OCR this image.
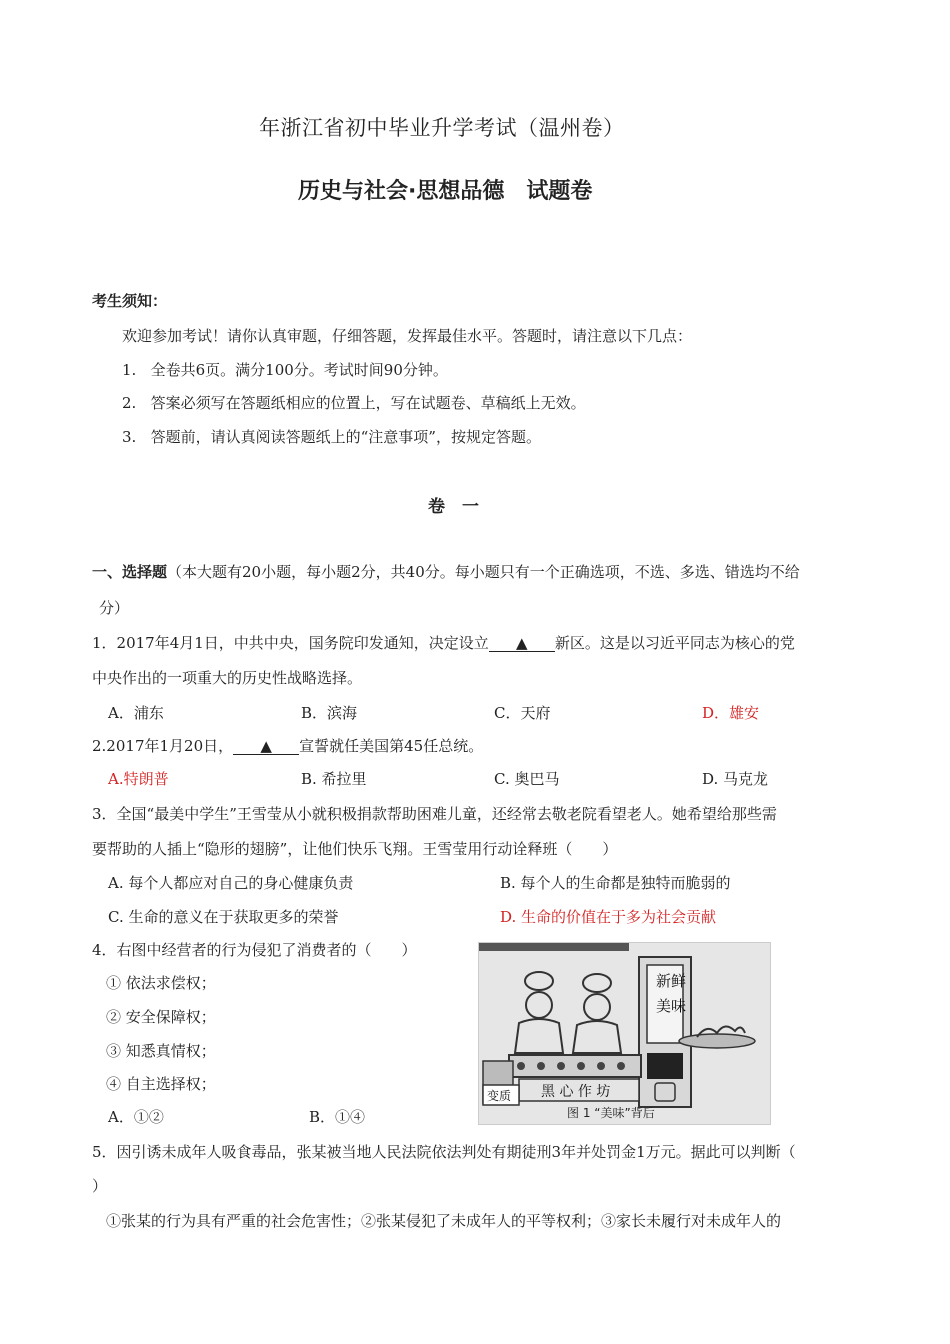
年浙江省初中毕业升学考试（温州卷）
历史与社会·思想品德　试题卷
考生须知：
欢迎参加考试！请你认真审题，仔细答题，发挥最佳水平。答题时，请注意以下几点：
1. 全卷共6页。满分100分。考试时间90分钟。
2. 答案必须写在答题纸相应的位置上，写在试题卷、草稿纸上无效。
3. 答题前，请认真阅读答题纸上的“注意事项”，按规定答题。
卷　一
一、选择题（本大题有20小题，每小题2分，共40分。每小题只有一个正确选项，不选、多选、错选均不给
分）
1．2017年4月1日，中共中央，国务院印发通知，决定设立 ▲ 新区。这是以习近平同志为核心的党
中央作出的一项重大的历史性战略选择。
A．浦东	B．滨海	C．天府	D．雄安
2.2017年1月20日， ▲ 宣誓就任美国第45任总统。
A.特朗普	B. 希拉里	C. 奥巴马	D. 马克龙
3．全国“最美中学生”王雪莹从小就积极捐款帮助困难儿童，还经常去敬老院看望老人。她希望给那些需
要帮助的人插上“隐形的翅膀”，让他们快乐飞翔。王雪莹用行动诠释班（　　）
A. 每个人都应对自己的身心健康负责	B. 每个人的生命都是独特而脆弱的
C. 生命的意义在于获取更多的荣誉	D. 生命的价值在于多为社会贡献
4．右图中经营者的行为侵犯了消费者的（　　）
① 依法求偿权；
② 安全保障权；
③ 知悉真情权；
④ 自主选择权；
A．①②	B．①④
新 鲜
美 味
黑 心 作 坊
变质
图 1 “美味”背后
5．因引诱未成年人吸食毒品，张某被当地人民法院依法判处有期徒刑3年并处罚金1万元。据此可以判断（
）
①张某的行为具有严重的社会危害性；②张某侵犯了未成年人的平等权利；③家长未履行对未成年人的
